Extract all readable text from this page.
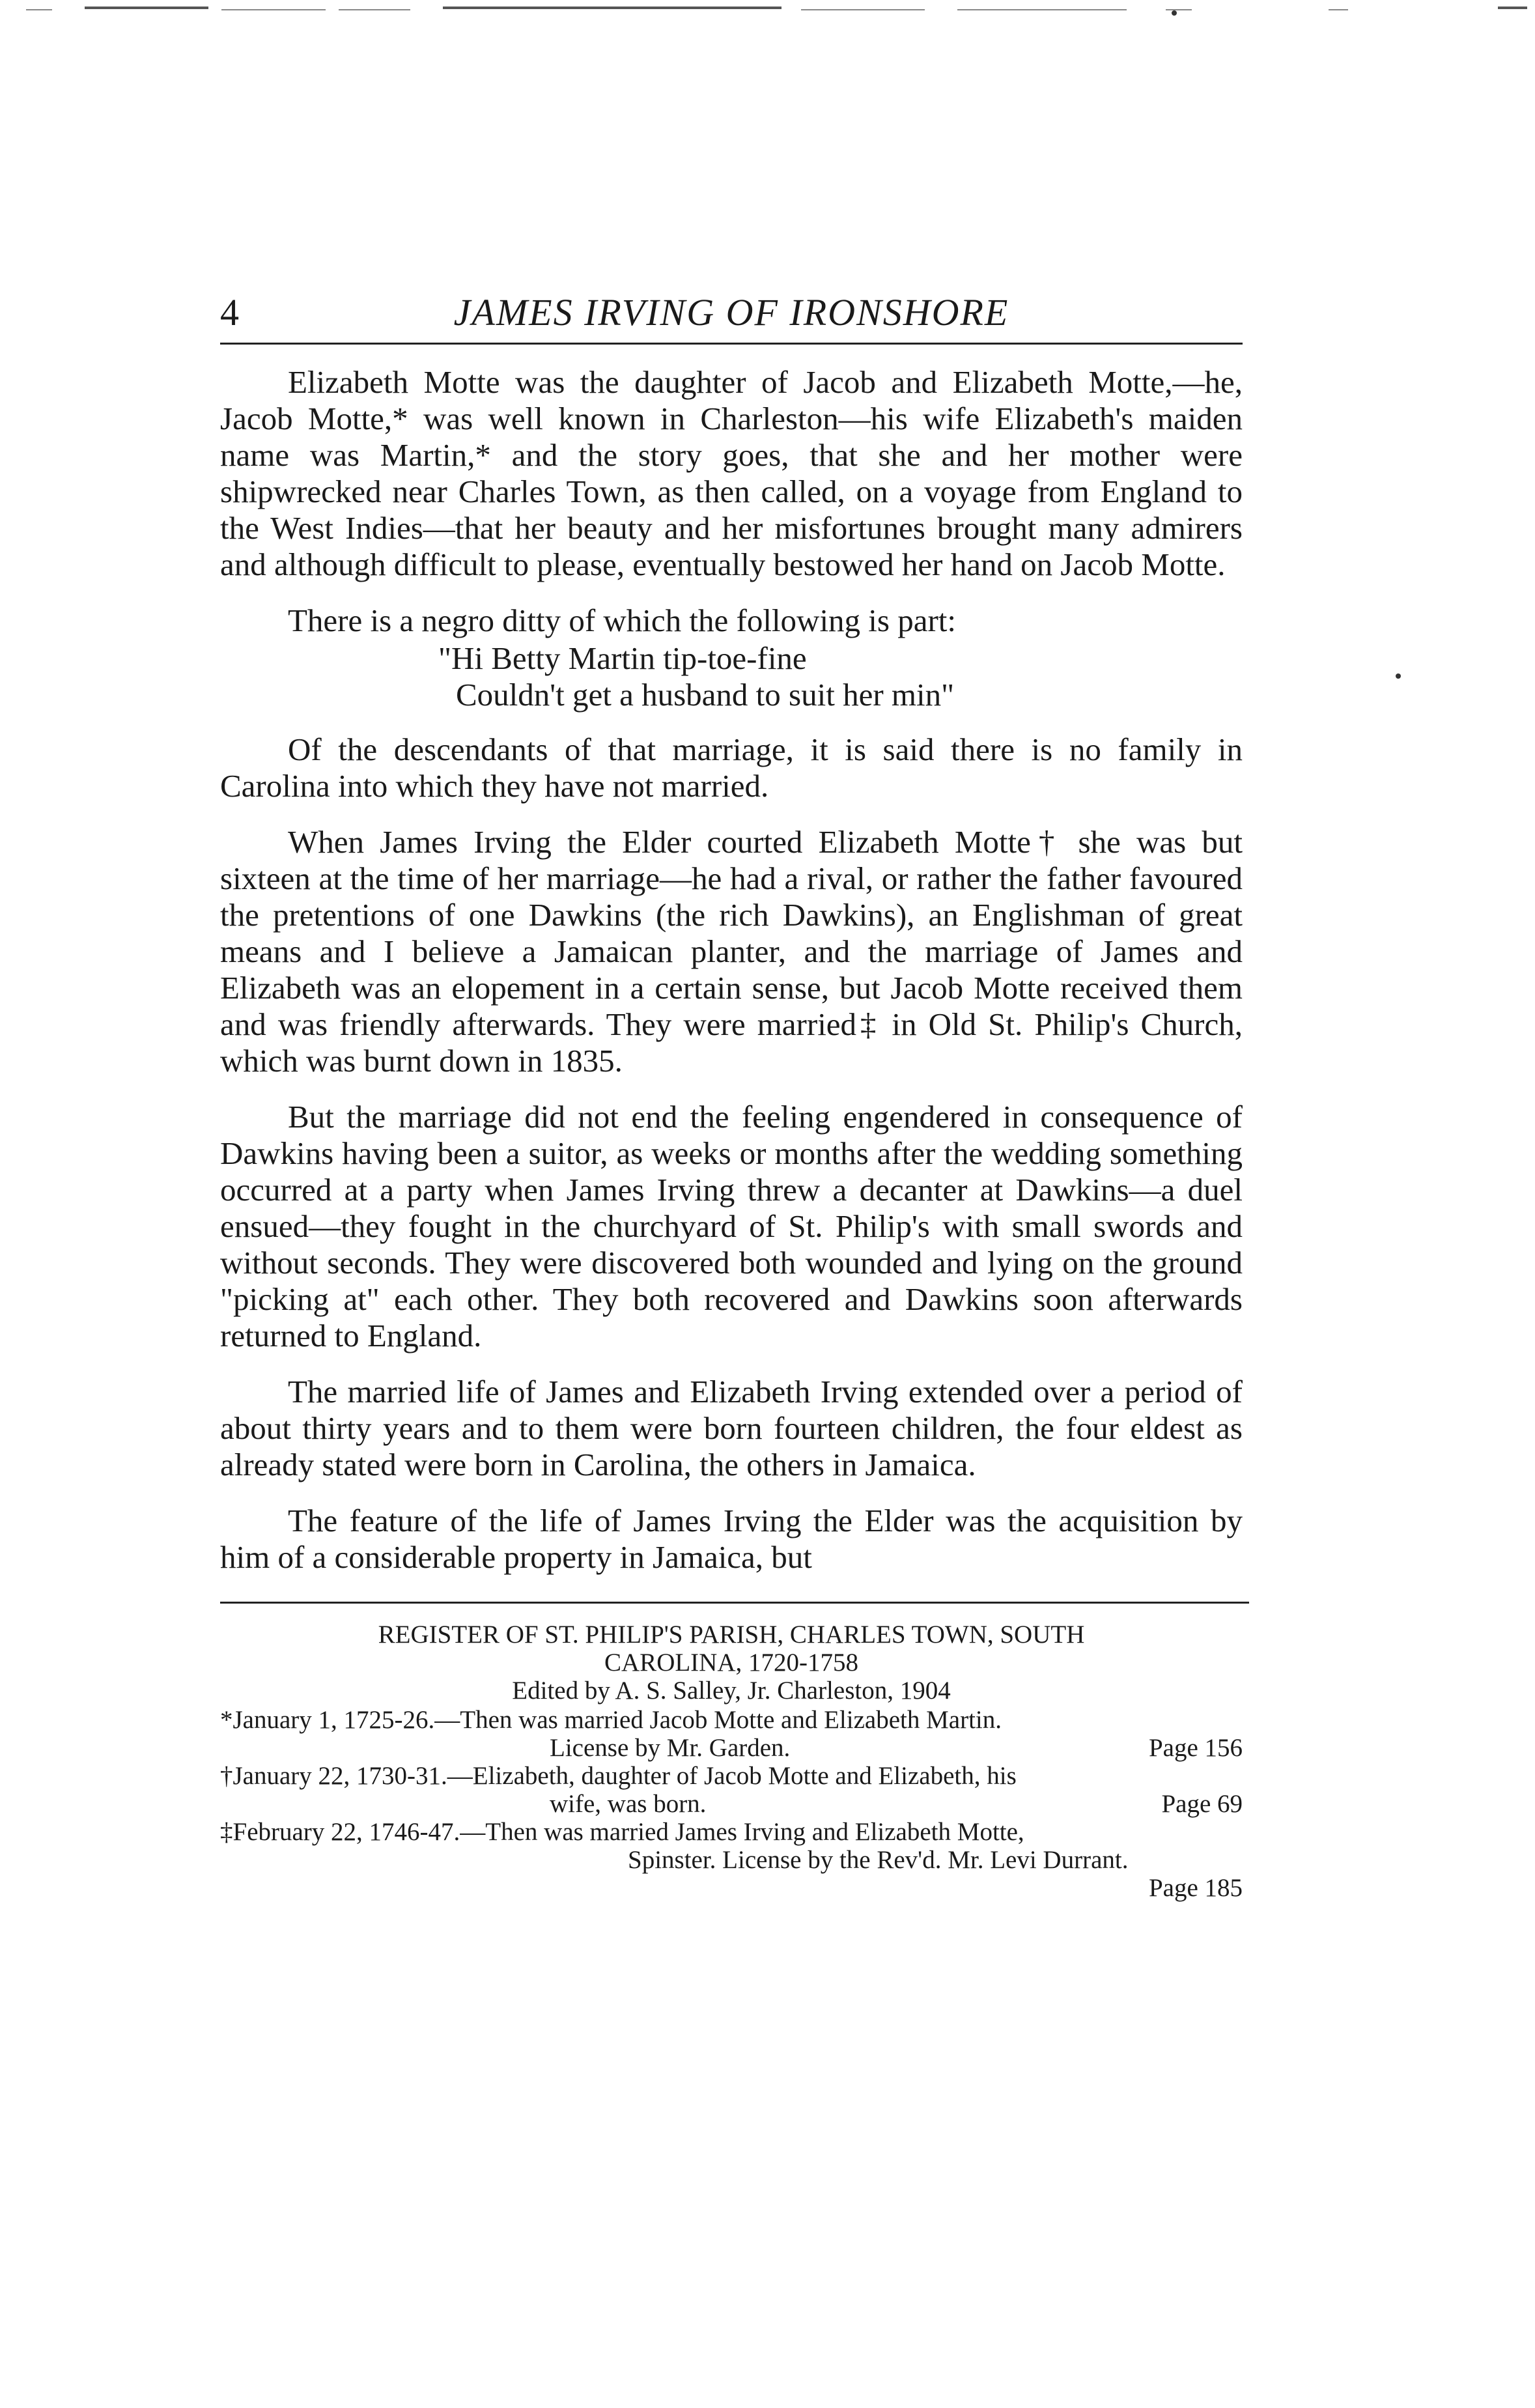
4	JAMES IRVING OF IRONSHORE

Elizabeth Motte was the daughter of Jacob and Elizabeth Motte,—he, Jacob Motte,* was well known in Charleston—his wife Elizabeth's maiden name was Martin,* and the story goes, that she and her mother were shipwrecked near Charles Town, as then called, on a voyage from England to the West Indies—that her beauty and her misfortunes brought many admirers and although difficult to please, eventually bestowed her hand on Jacob Motte.

There is a negro ditty of which the following is part:

"Hi Betty Martin tip-toe-fine
Couldn't get a husband to suit her min"

Of the descendants of that marriage, it is said there is no family in Carolina into which they have not married.

When James Irving the Elder courted Elizabeth Motte† she was but sixteen at the time of her marriage—he had a rival, or rather the father favoured the pretentions of one Dawkins (the rich Dawkins), an Englishman of great means and I believe a Jamaican planter, and the marriage of James and Elizabeth was an elopement in a certain sense, but Jacob Motte received them and was friendly afterwards. They were married‡ in Old St. Philip's Church, which was burnt down in 1835.

But the marriage did not end the feeling engendered in consequence of Dawkins having been a suitor, as weeks or months after the wedding something occurred at a party when James Irving threw a decanter at Dawkins—a duel ensued—they fought in the churchyard of St. Philip's with small swords and without seconds. They were discovered both wounded and lying on the ground "picking at" each other. They both recovered and Dawkins soon afterwards returned to England.

The married life of James and Elizabeth Irving extended over a period of about thirty years and to them were born fourteen children, the four eldest as already stated were born in Carolina, the others in Jamaica.

The feature of the life of James Irving the Elder was the acquisition by him of a considerable property in Jamaica, but

REGISTER OF ST. PHILIP'S PARISH, CHARLES TOWN, SOUTH
CAROLINA, 1720-1758
Edited by A. S. Salley, Jr. Charleston, 1904
*January 1, 1725-26.—Then was married Jacob Motte and Elizabeth Martin.
License by Mr. Garden.	Page 156
†January 22, 1730-31.—Elizabeth, daughter of Jacob Motte and Elizabeth, his
wife, was born.	Page 69
‡February 22, 1746-47.—Then was married James Irving and Elizabeth Motte,
Spinster. License by the Rev'd. Mr. Levi Durrant.
Page 185
